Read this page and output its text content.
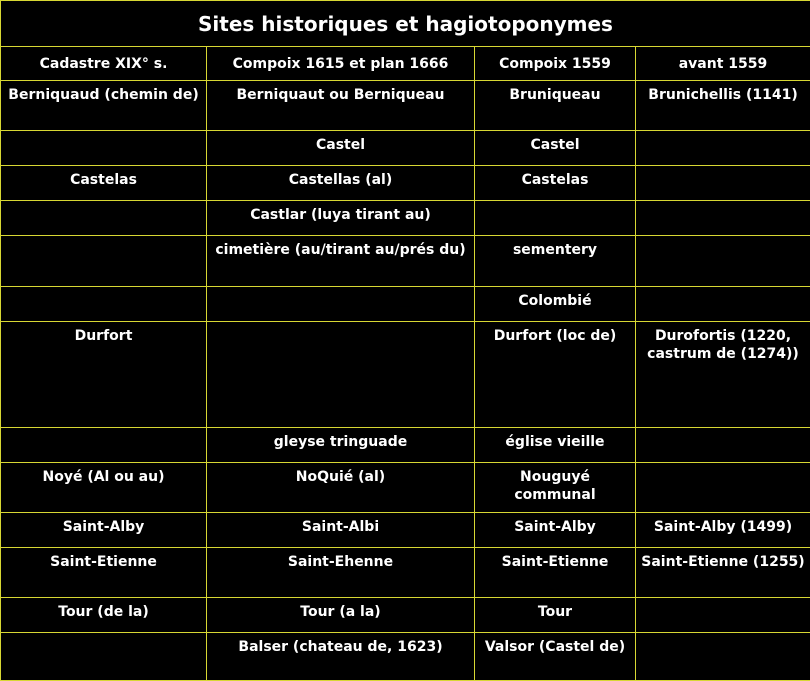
Sites historiques et hagiotoponymes			
Cadastre XIX° s.	Compoix 1615 et plan 1666	Compoix 1559	avant 1559
Berniquaud (chemin de)	Berniquaut ou Berniqueau	Bruniqueau	Brunichellis (1141)
	Castel	Castel	
Castelas	Castellas (al)	Castelas	
	Castlar (luya tirant au)		
	cimetière (au/tirant au/prés du)	sementery	
		Colombié	
Durfort		Durfort (loc de)	Durofortis (1220, castrum de (1274))
	gleyse tringuade	église vieille	
Noyé (Al ou au)	NoQuié (al)	Nouguyé communal	
Saint-Alby	Saint-Albi	Saint-Alby	Saint-Alby (1499)
Saint-Etienne	Saint-Ehenne	Saint-Etienne	Saint-Etienne (1255)
Tour (de la)	Tour (a la)	Tour	
	Balser (chateau de, 1623)	Valsor (Castel de)	
